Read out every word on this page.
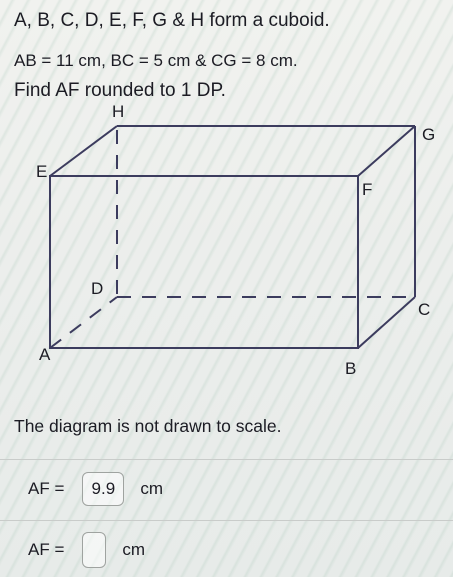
A, B, C, D, E, F, G & H form a cuboid.
AB = 11 cm, BC = 5 cm & CG = 8 cm.
Find AF rounded to 1 DP.
H
G
E
F
D
C
A
B
The diagram is not drawn to scale.
AF =	9.9	cm
AF =	cm
